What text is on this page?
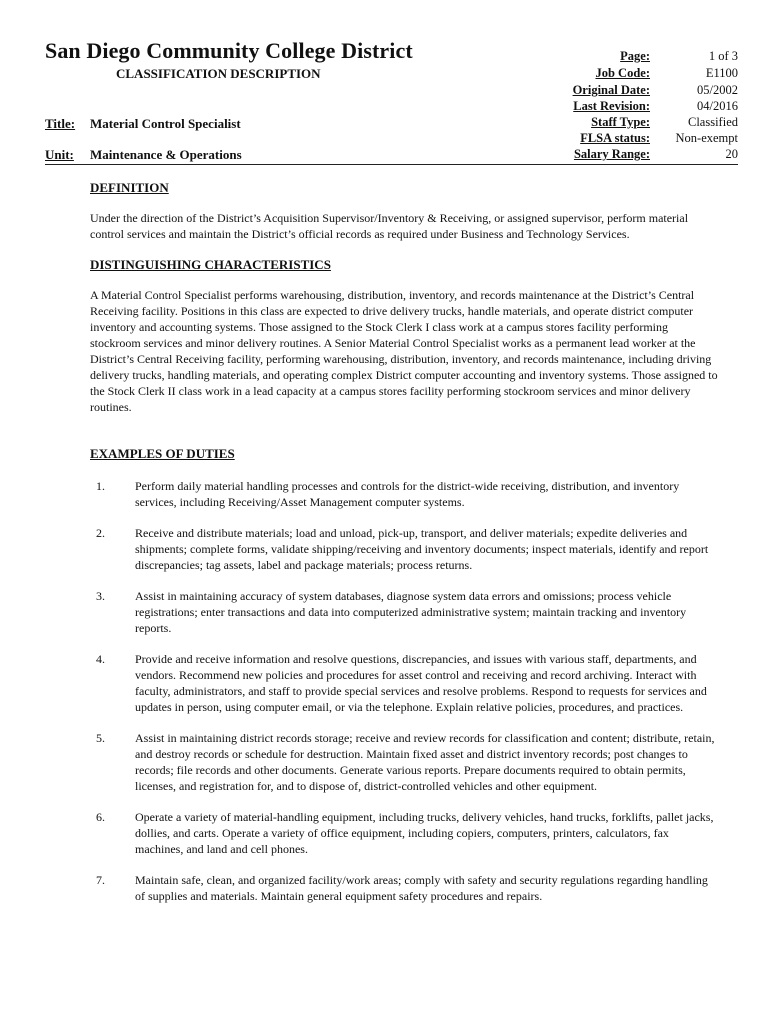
San Diego Community College District
CLASSIFICATION DESCRIPTION
Page:	1 of 3
Job Code:	E1100
Original Date:	05/2002
Last Revision:	04/2016
Staff Type:	Classified
FLSA status: Non-exempt
Salary Range:	20
Title: Material Control Specialist
Unit: Maintenance & Operations
DEFINITION

Under the direction of the District’s Acquisition Supervisor/Inventory & Receiving, or assigned supervisor, perform material control services and maintain the District’s official records as required under Business and Technology Services.

DISTINGUISHING CHARACTERISTICS

A Material Control Specialist performs warehousing, distribution, inventory, and records maintenance at the District’s Central Receiving facility. Positions in this class are expected to drive delivery trucks, handle materials, and operate district computer inventory and accounting systems. Those assigned to the Stock Clerk I class work at a campus stores facility performing stockroom services and minor delivery routines. A Senior Material Control Specialist works as a permanent lead worker at the District’s Central Receiving facility, performing warehousing, distribution, inventory, and records maintenance, including driving delivery trucks, handling materials, and operating complex District computer accounting and inventory systems. Those assigned to the Stock Clerk II class work in a lead capacity at a campus stores facility performing stockroom services and minor delivery routines.

EXAMPLES OF DUTIES
1.	Perform daily material handling processes and controls for the district-wide receiving, distribution, and inventory services, including Receiving/Asset Management computer systems.
2.	Receive and distribute materials; load and unload, pick-up, transport, and deliver materials; expedite deliveries and shipments; complete forms, validate shipping/receiving and inventory documents; inspect materials, identify and report discrepancies; tag assets, label and package materials; process returns.
3.	Assist in maintaining accuracy of system databases, diagnose system data errors and omissions; process vehicle registrations; enter transactions and data into computerized administrative system; maintain tracking and inventory reports.
4.	Provide and receive information and resolve questions, discrepancies, and issues with various staff, departments, and vendors. Recommend new policies and procedures for asset control and receiving and record archiving. Interact with faculty, administrators, and staff to provide special services and resolve problems. Respond to requests for services and updates in person, using computer email, or via the telephone. Explain relative policies, procedures, and practices.
5.	Assist in maintaining district records storage; receive and review records for classification and content; distribute, retain, and destroy records or schedule for destruction. Maintain fixed asset and district inventory records; post changes to records; file records and other documents. Generate various reports. Prepare documents required to obtain permits, licenses, and registration for, and to dispose of, district-controlled vehicles and other equipment.
6.	Operate a variety of material-handling equipment, including trucks, delivery vehicles, hand trucks, forklifts, pallet jacks, dollies, and carts. Operate a variety of office equipment, including copiers, computers, printers, calculators, fax machines, and land and cell phones.
7.	Maintain safe, clean, and organized facility/work areas; comply with safety and security regulations regarding handling of supplies and materials. Maintain general equipment safety procedures and repairs.
